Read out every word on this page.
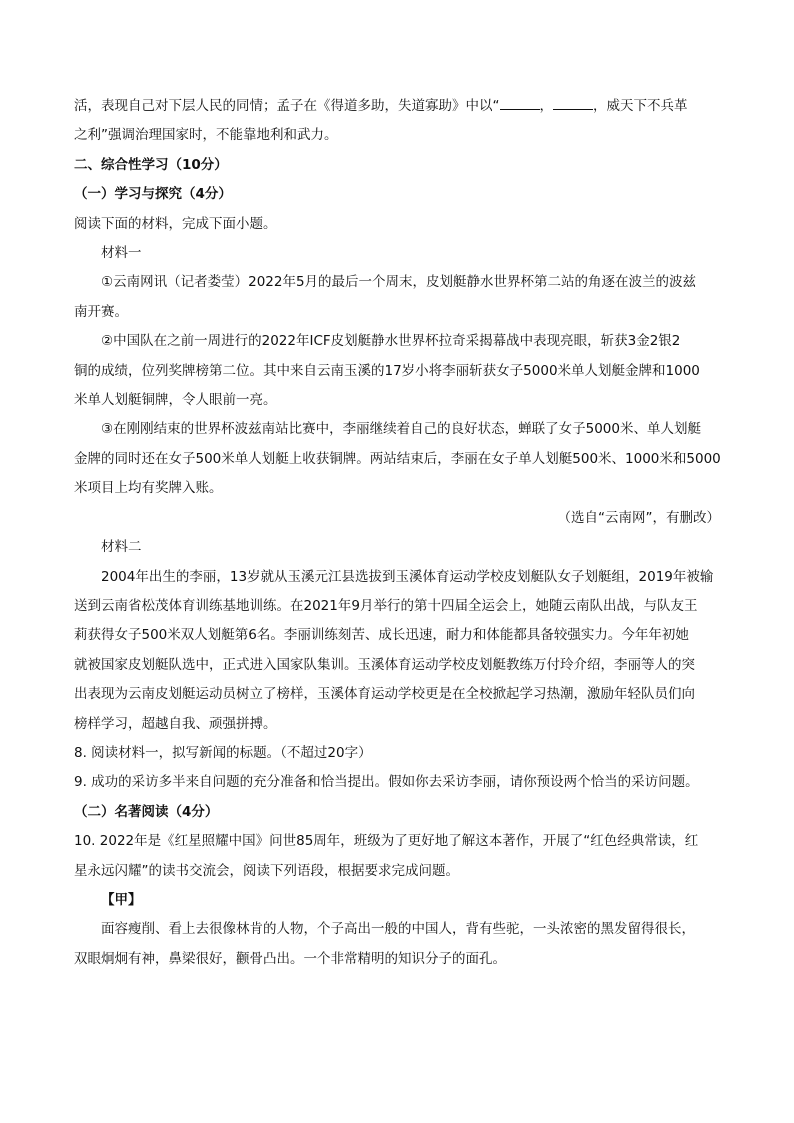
活，表现自己对下层人民的同情；孟子在《得道多助，失道寡助》中以“	，	，威天下不兵革
之利”强调治理国家时，不能靠地利和武力。
二、综合性学习（10分）
（一）学习与探究（4分）
阅读下面的材料，完成下面小题。
材料一
①云南网讯（记者娄莹）2022年5月的最后一个周末，皮划艇静水世界杯第二站的角逐在波兰的波兹
南开赛。
②中国队在之前一周进行的2022年ICF皮划艇静水世界杯拉奇采揭幕战中表现亮眼，斩获3金2银2
铜的成绩，位列奖牌榜第二位。其中来自云南玉溪的17岁小将李丽斩获女子5000米单人划艇金牌和1000
米单人划艇铜牌，令人眼前一亮。
③在刚刚结束的世界杯波兹南站比赛中，李丽继续着自己的良好状态，蝉联了女子5000米、单人划艇
金牌的同时还在女子500米单人划艇上收获铜牌。两站结束后，李丽在女子单人划艇500米、1000米和5000
米项目上均有奖牌入账。
（选自“云南网”，有删改）
材料二
2004年出生的李丽，13岁就从玉溪元江县选拔到玉溪体育运动学校皮划艇队女子划艇组，2019年被输
送到云南省松茂体育训练基地训练。在2021年9月举行的第十四届全运会上，她随云南队出战，与队友王
莉获得女子500米双人划艇第6名。李丽训练刻苦、成长迅速，耐力和体能都具备较强实力。今年年初她
就被国家皮划艇队选中，正式进入国家队集训。玉溪体育运动学校皮划艇教练万付玲介绍，李丽等人的突
出表现为云南皮划艇运动员树立了榜样，玉溪体育运动学校更是在全校掀起学习热潮，激励年轻队员们向
榜样学习，超越自我、顽强拼搏。
8. 阅读材料一，拟写新闻的标题。（不超过20字）
9. 成功的采访多半来自问题的充分准备和恰当提出。假如你去采访李丽，请你预设两个恰当的采访问题。
（二）名著阅读（4分）
10. 2022年是《红星照耀中国》问世85周年，班级为了更好地了解这本著作，开展了“红色经典常读，红
星永远闪耀”的读书交流会，阅读下列语段，根据要求完成问题。
【甲】
面容瘦削、看上去很像林肯的人物，个子高出一般的中国人，背有些驼，一头浓密的黑发留得很长，
双眼炯炯有神，鼻梁很好，颧骨凸出。一个非常精明的知识分子的面孔。
